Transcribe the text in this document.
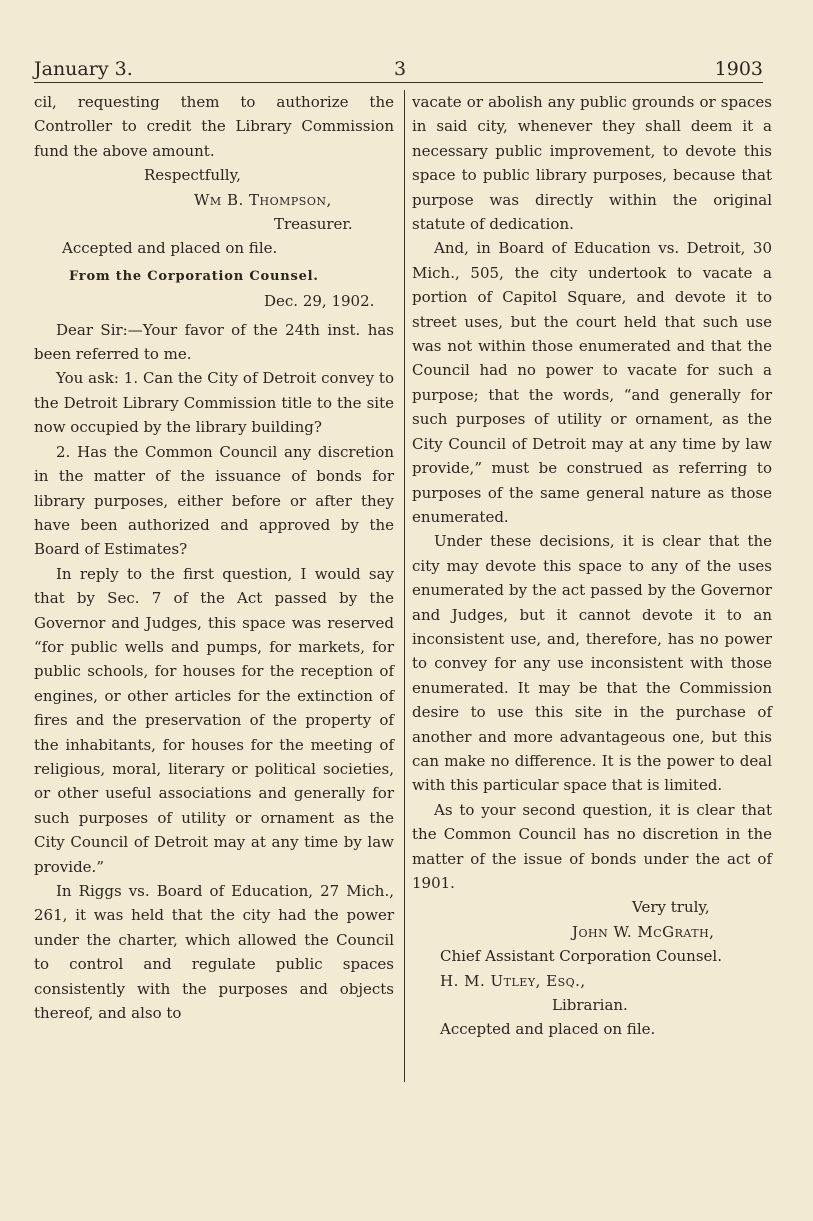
January 3.	3	1903

cil, requesting them to authorize the Controller to credit the Library Commission fund the above amount.

Respectfully,
Wm B. Thompson,
Treasurer.
Accepted and placed on file.
From the Corporation Counsel.
Dec. 29, 1902.

Dear Sir:—Your favor of the 24th inst. has been referred to me.

You ask: 1. Can the City of Detroit convey to the Detroit Library Commission title to the site now occupied by the library building?

2. Has the Common Council any discretion in the matter of the issuance of bonds for library purposes, either before or after they have been authorized and approved by the Board of Estimates?

In reply to the first question, I would say that by Sec. 7 of the Act passed by the Governor and Judges, this space was reserved “for public wells and pumps, for markets, for public schools, for houses for the reception of engines, or other articles for the extinction of fires and the preservation of the property of the inhabitants, for houses for the meeting of religious, moral, literary or political societies, or other useful associations and generally for such purposes of utility or ornament as the City Council of Detroit may at any time by law provide.”

In Riggs vs. Board of Education, 27 Mich., 261, it was held that the city had the power under the charter, which allowed the Council to control and regulate public spaces consistently with the purposes and objects thereof, and also to

vacate or abolish any public grounds or spaces in said city, whenever they shall deem it a necessary public improvement, to devote this space to public library purposes, because that purpose was directly within the original statute of dedication.

And, in Board of Education vs. Detroit, 30 Mich., 505, the city undertook to vacate a portion of Capitol Square, and devote it to street uses, but the court held that such use was not within those enumerated and that the Council had no power to vacate for such a purpose; that the words, “and generally for such purposes of utility or ornament, as the City Council of Detroit may at any time by law provide,” must be construed as referring to purposes of the same general nature as those enumerated.

Under these decisions, it is clear that the city may devote this space to any of the uses enumerated by the act passed by the Governor and Judges, but it cannot devote it to an inconsistent use, and, therefore, has no power to convey for any use inconsistent with those enumerated. It may be that the Commission desire to use this site in the purchase of another and more advantageous one, but this can make no difference. It is the power to deal with this particular space that is limited.

As to your second question, it is clear that the Common Council has no discretion in the matter of the issue of bonds under the act of 1901.

Very truly,
John W. McGrath,
Chief Assistant Corporation Counsel.
H. M. Utley, Esq.,
Librarian.
Accepted and placed on file.
